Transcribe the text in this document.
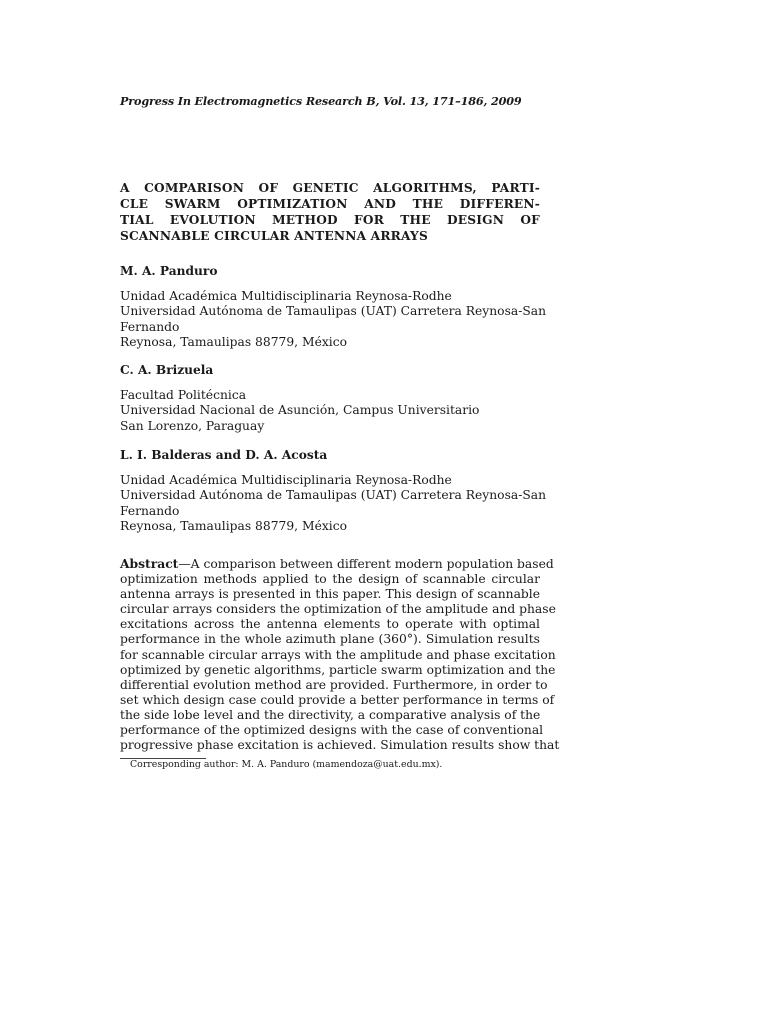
Progress In Electromagnetics Research B, Vol. 13, 171–186, 2009
A COMPARISON OF GENETIC ALGORITHMS, PARTI-
CLE SWARM OPTIMIZATION AND THE DIFFEREN-
TIAL EVOLUTION METHOD FOR THE DESIGN OF
SCANNABLE CIRCULAR ANTENNA ARRAYS
M. A. Panduro
Unidad Académica Multidisciplinaria Reynosa-Rodhe
Universidad Autónoma de Tamaulipas (UAT) Carretera Reynosa-San
Fernando
Reynosa, Tamaulipas 88779, México
C. A. Brizuela
Facultad Politécnica
Universidad Nacional de Asunción, Campus Universitario
San Lorenzo, Paraguay
L. I. Balderas and D. A. Acosta
Unidad Académica Multidisciplinaria Reynosa-Rodhe
Universidad Autónoma de Tamaulipas (UAT) Carretera Reynosa-San
Fernando
Reynosa, Tamaulipas 88779, México
Abstract—A comparison between different modern population based
optimization methods applied to the design of scannable circular
antenna arrays is presented in this paper. This design of scannable
circular arrays considers the optimization of the amplitude and phase
excitations across the antenna elements to operate with optimal
performance in the whole azimuth plane (360°). Simulation results
for scannable circular arrays with the amplitude and phase excitation
optimized by genetic algorithms, particle swarm optimization and the
differential evolution method are provided. Furthermore, in order to
set which design case could provide a better performance in terms of
the side lobe level and the directivity, a comparative analysis of the
performance of the optimized designs with the case of conventional
progressive phase excitation is achieved. Simulation results show that
Corresponding author: M. A. Panduro (mamendoza@uat.edu.mx).
